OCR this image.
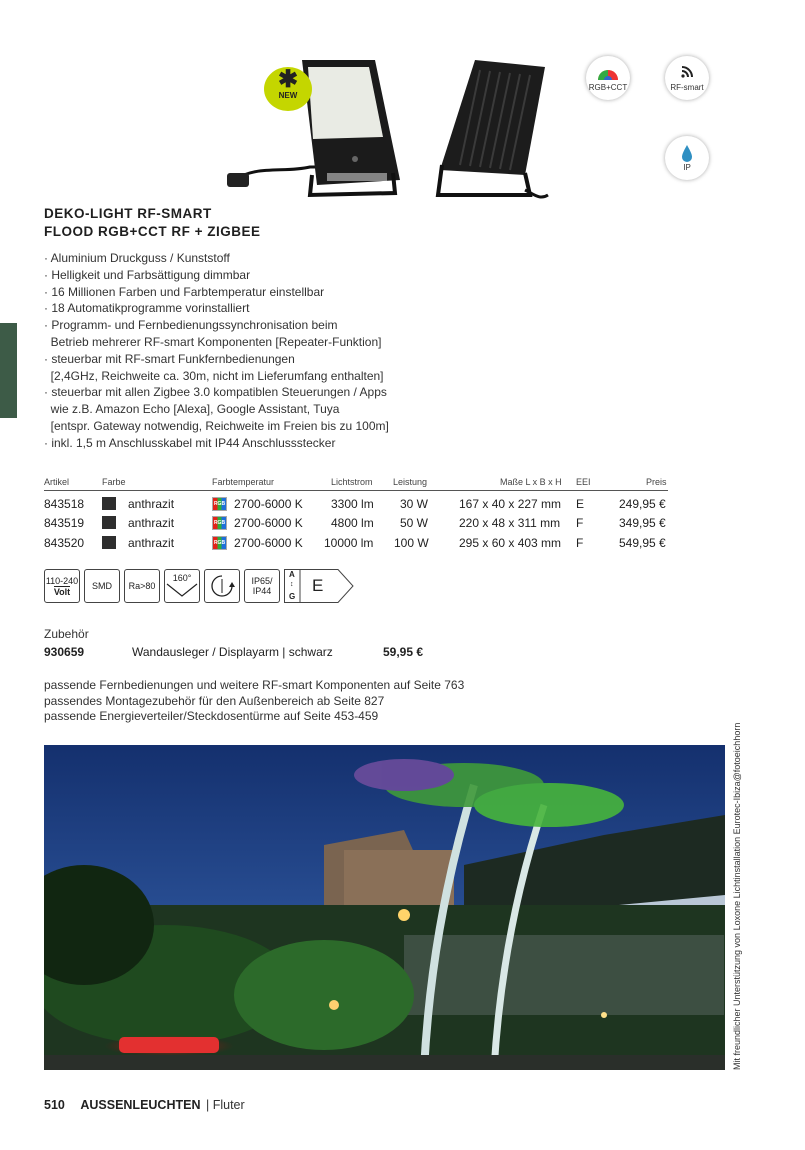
✱
NEW
RGB+CCT	RF-smart
IP
DEKO-LIGHT RF-SMART
FLOOD RGB+CCT RF + ZIGBEE
· Aluminium Druckguss / Kunststoff
· Helligkeit und Farbsättigung dimmbar
· 16 Millionen Farben und Farbtemperatur einstellbar
· 18 Automatikprogramme vorinstalliert
· Programm- und Fernbedienungssynchronisation beim
Betrieb mehrerer RF-smart Komponenten [Repeater-Funktion]
· steuerbar mit RF-smart Funkfernbedienungen
[2,4GHz, Reichweite ca. 30m, nicht im Lieferumfang enthalten]
· steuerbar mit allen Zigbee 3.0 kompatiblen Steuerungen / Apps
wie z.B. Amazon Echo [Alexa], Google Assistant, Tuya
[entspr. Gateway notwendig, Reichweite im Freien bis zu 100m]
· inkl. 1,5 m Anschlusskabel mit IP44 Anschlussstecker
Artikel	Farbe	Farbtemperatur	Lichtstrom Leistung	Maße L x B x H EEI	Preis
843518	anthrazit	RGB 2700-6000 K 3300 lm 30 W	167 x 40 x 227 mm E	249,95 €
843519	anthrazit	RGB 2700-6000 K 4800 lm 50 W	220 x 48 x 311 mm F	349,95 €
843520	anthrazit	RGB 2700-6000 K 10000 lm 100 W	295 x 60 x 403 mm F	549,95 €
110-240
Volt
SMD	Ra>80
160°	IP65/
IP44
A
↕
G
E
Zubehör
930659	Wandausleger / Displayarm | schwarz	59,95 €
passende Fernbedienungen und weitere RF-smart Komponenten auf Seite 763
passendes Montagezubehör für den Außenbereich ab Seite 827
passende Energieverteiler/Steckdosentürme auf Seite 453-459
Mit freundlicher Unterstützung von Loxone Lichtinstallation Eurotec-Ibiza@fotoeichhorn
510 AUSSENLEUCHTEN | Fluter
